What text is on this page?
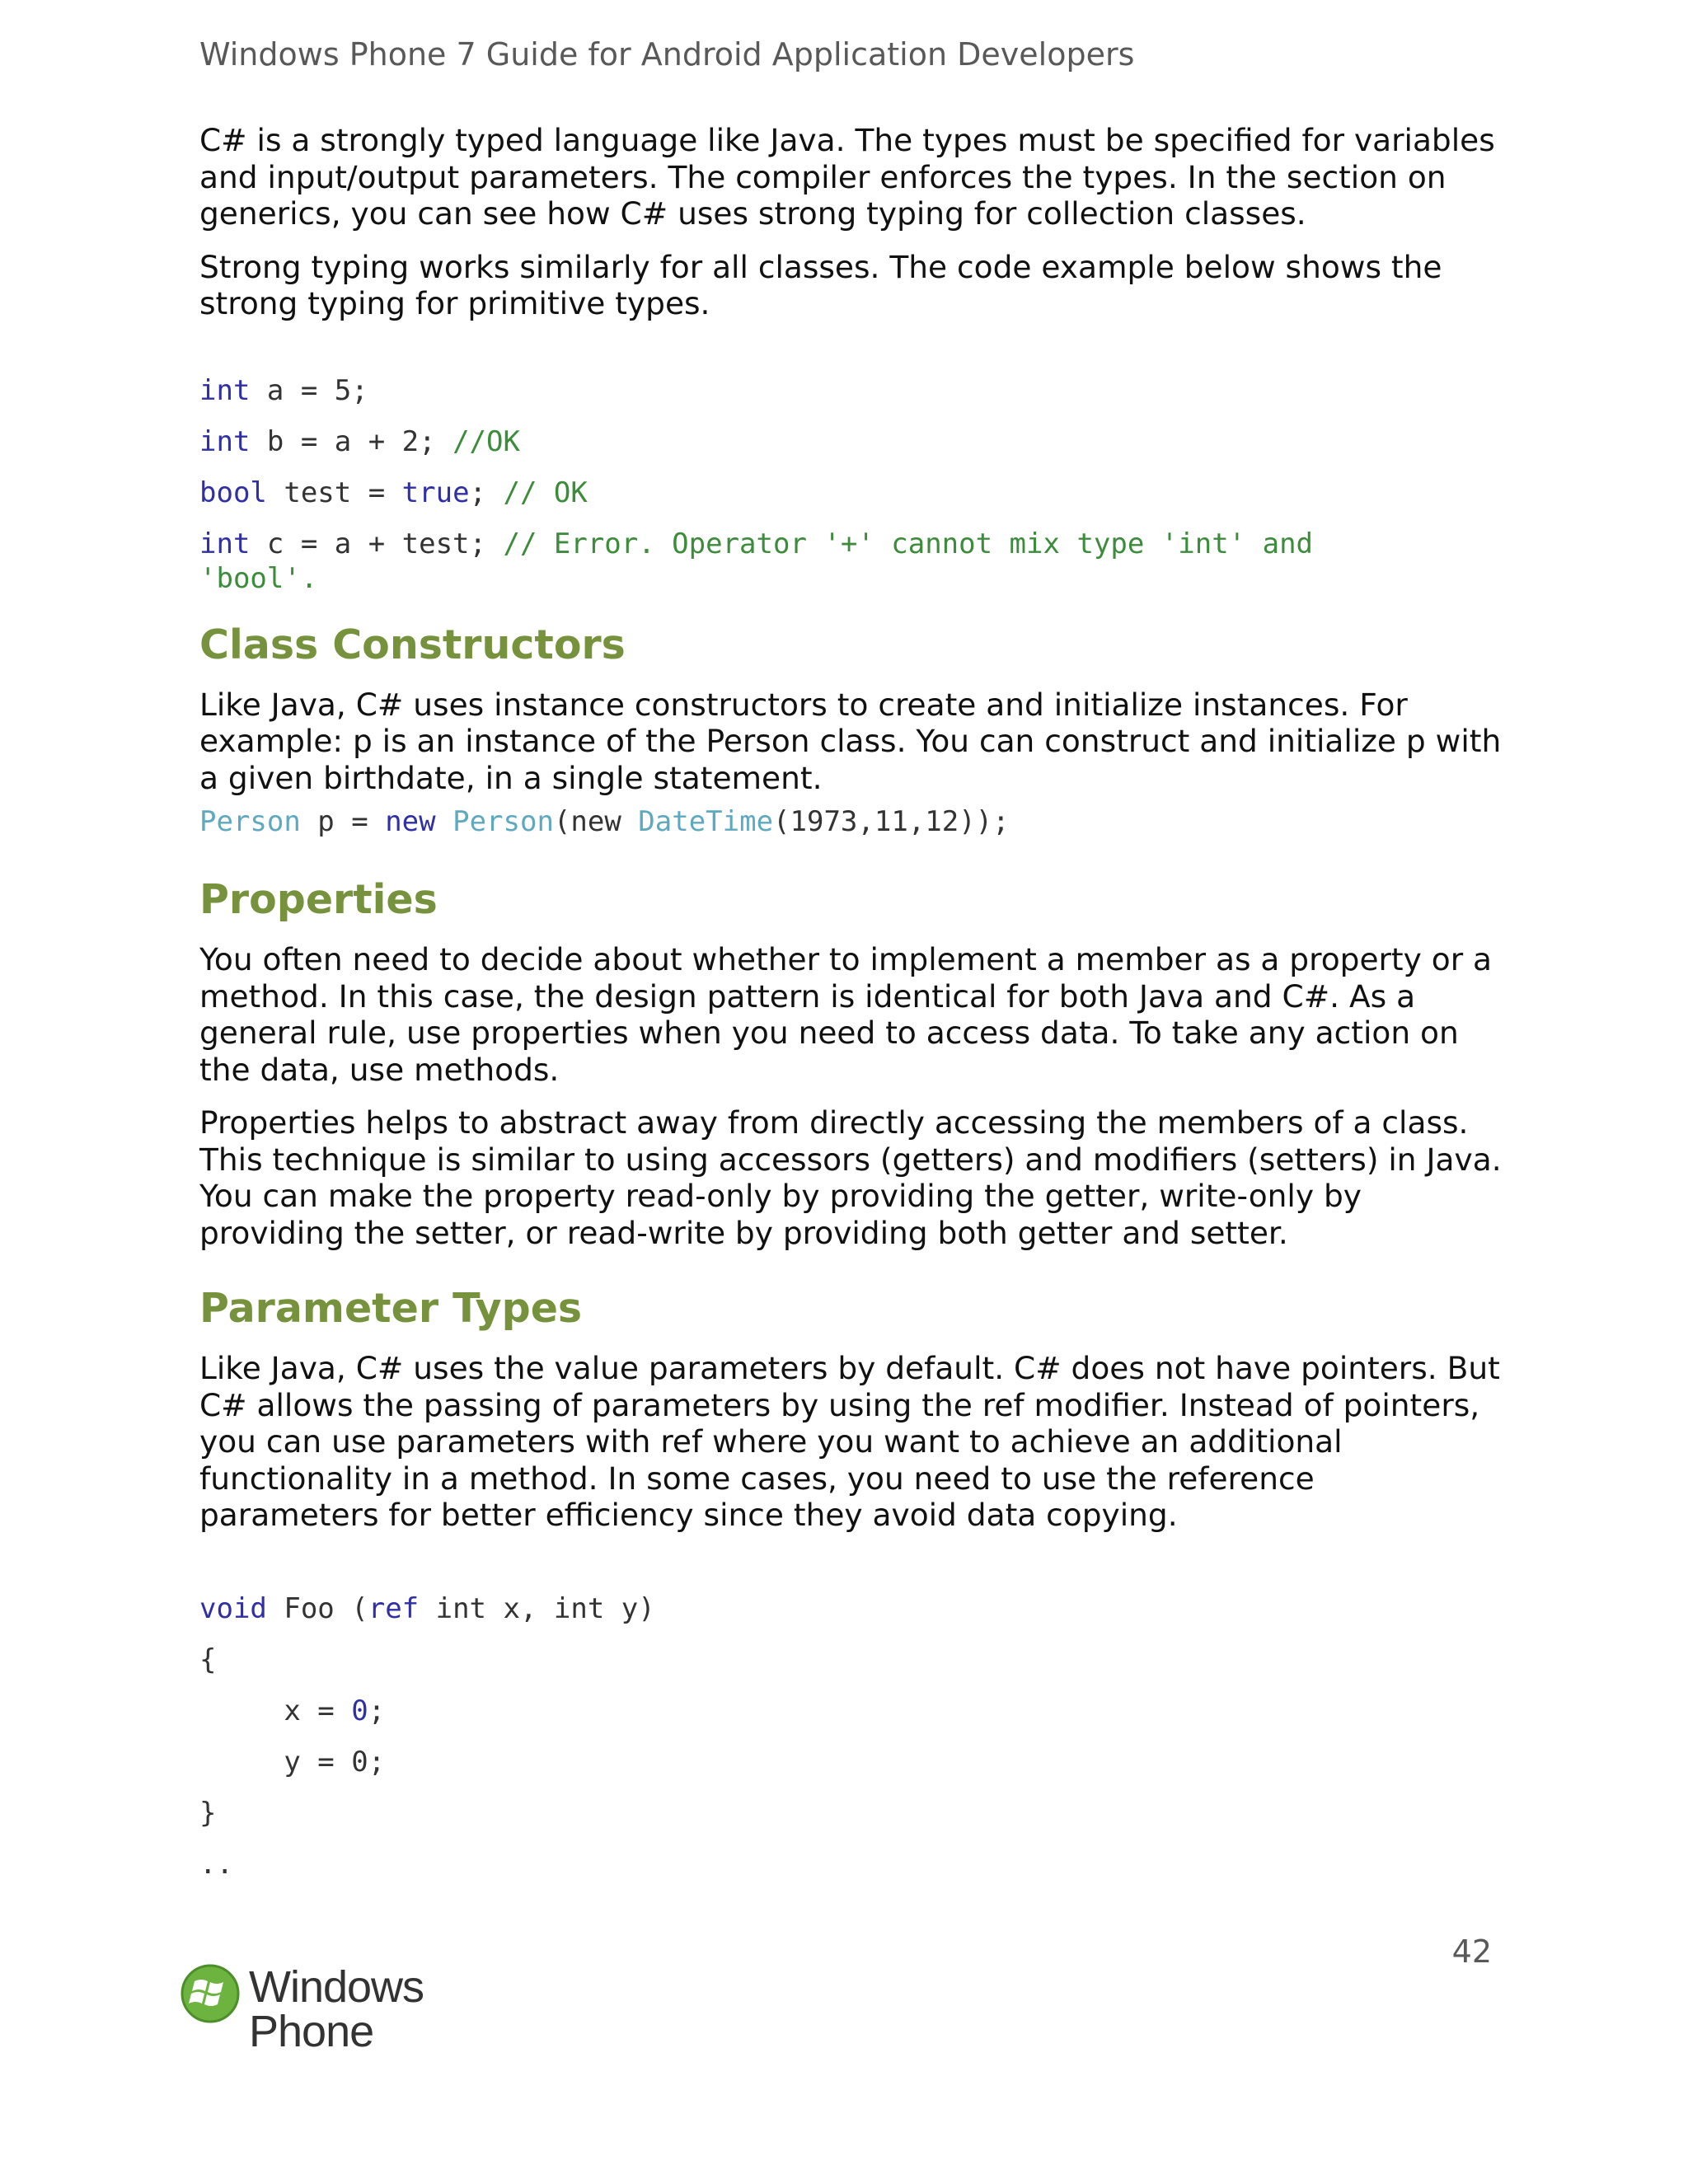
Windows Phone 7 Guide for Android Application Developers

C# is a strongly typed language like Java. The types must be specified for variables and input/output parameters. The compiler enforces the types. In the section on generics, you can see how C# uses strong typing for collection classes.

Strong typing works similarly for all classes. The code example below shows the strong typing for primitive types.

int a = 5;
int b = a + 2; //OK
bool test = true; // OK
int c = a + test; // Error. Operator '+' cannot mix type 'int' and
'bool'.
Class Constructors

Like Java, C# uses instance constructors to create and initialize instances. For example: p is an instance of the Person class. You can construct and initialize p with a given birthdate, in a single statement.

Person p = new Person(new DateTime(1973,11,12));
Properties

You often need to decide about whether to implement a member as a property or a method. In this case, the design pattern is identical for both Java and C#. As a general rule, use properties when you need to access data. To take any action on the data, use methods.

Properties helps to abstract away from directly accessing the members of a class. This technique is similar to using accessors (getters) and modifiers (setters) in Java. You can make the property read-only by providing the getter, write-only by providing the setter, or read-write by providing both getter and setter.

Parameter Types

Like Java, C# uses the value parameters by default. C# does not have pointers. But C# allows the passing of parameters by using the ref modifier. Instead of pointers, you can use parameters with ref where you want to achieve an additional functionality in a method. In some cases, you need to use the reference parameters for better efficiency since they avoid data copying.

void Foo (ref int x, int y)
{
x = 0;
y = 0;
}
..
42
Windows
Phone
